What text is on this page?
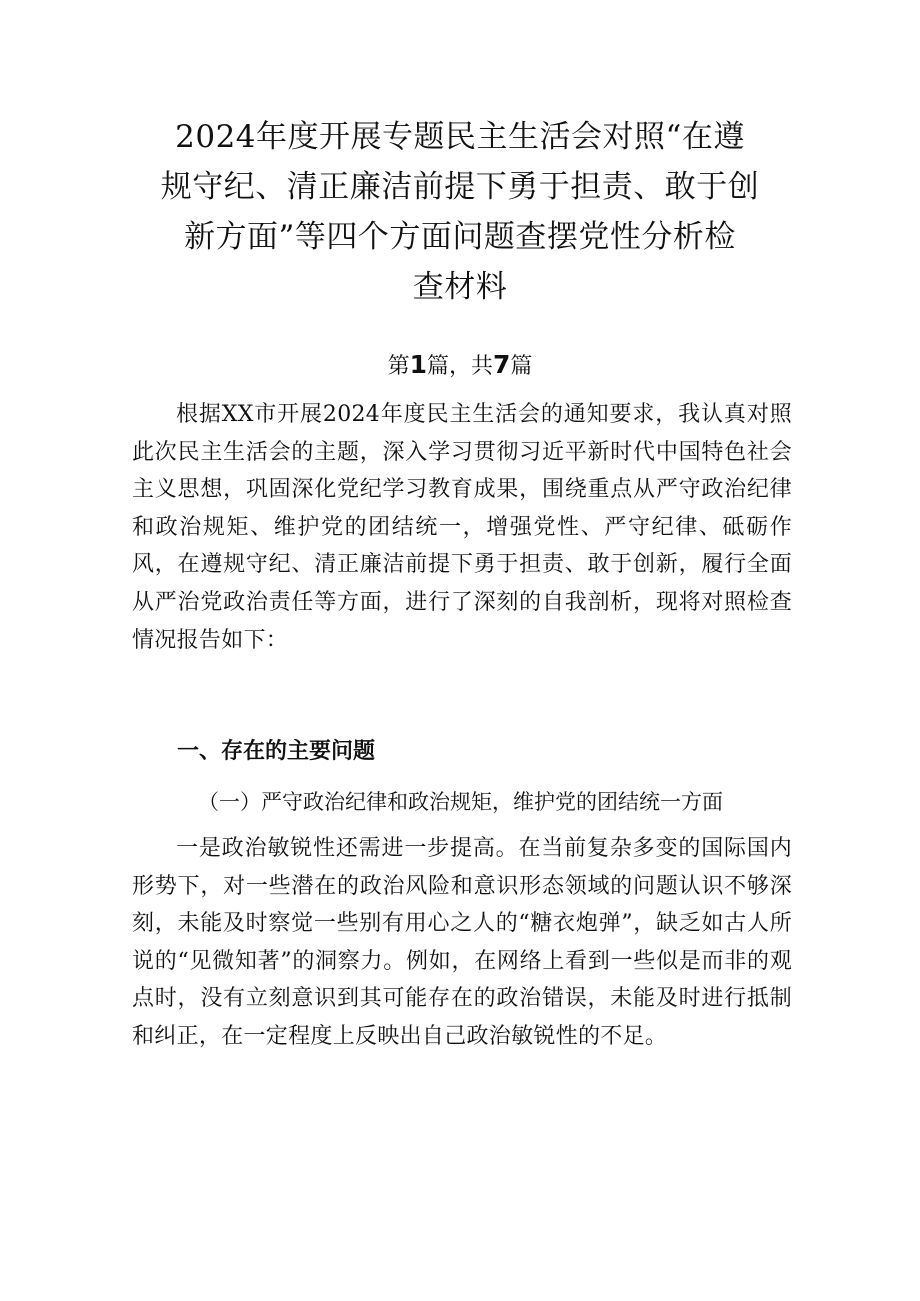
2024年度开展专题民主生活会对照“在遵
规守纪、清正廉洁前提下勇于担责、敢于创
新方面”等四个方面问题查摆党性分析检
查材料

第1篇，共7篇

根据XX市开展2024年度民主生活会的通知要求，我认真对照此次民主生活会的主题，深入学习贯彻习近平新时代中国特色社会主义思想，巩固深化党纪学习教育成果，围绕重点从严守政治纪律和政治规矩、维护党的团结统一，增强党性、严守纪律、砥砺作风，在遵规守纪、清正廉洁前提下勇于担责、敢于创新，履行全面从严治党政治责任等方面，进行了深刻的自我剖析，现将对照检查情况报告如下：

一、存在的主要问题

（一）严守政治纪律和政治规矩，维护党的团结统一方面

一是政治敏锐性还需进一步提高。在当前复杂多变的国际国内形势下，对一些潜在的政治风险和意识形态领域的问题认识不够深刻，未能及时察觉一些别有用心之人的“糖衣炮弹”，缺乏如古人所说的“见微知著”的洞察力。例如，在网络上看到一些似是而非的观点时，没有立刻意识到其可能存在的政治错误，未能及时进行抵制和纠正，在一定程度上反映出自己政治敏锐性的不足。
